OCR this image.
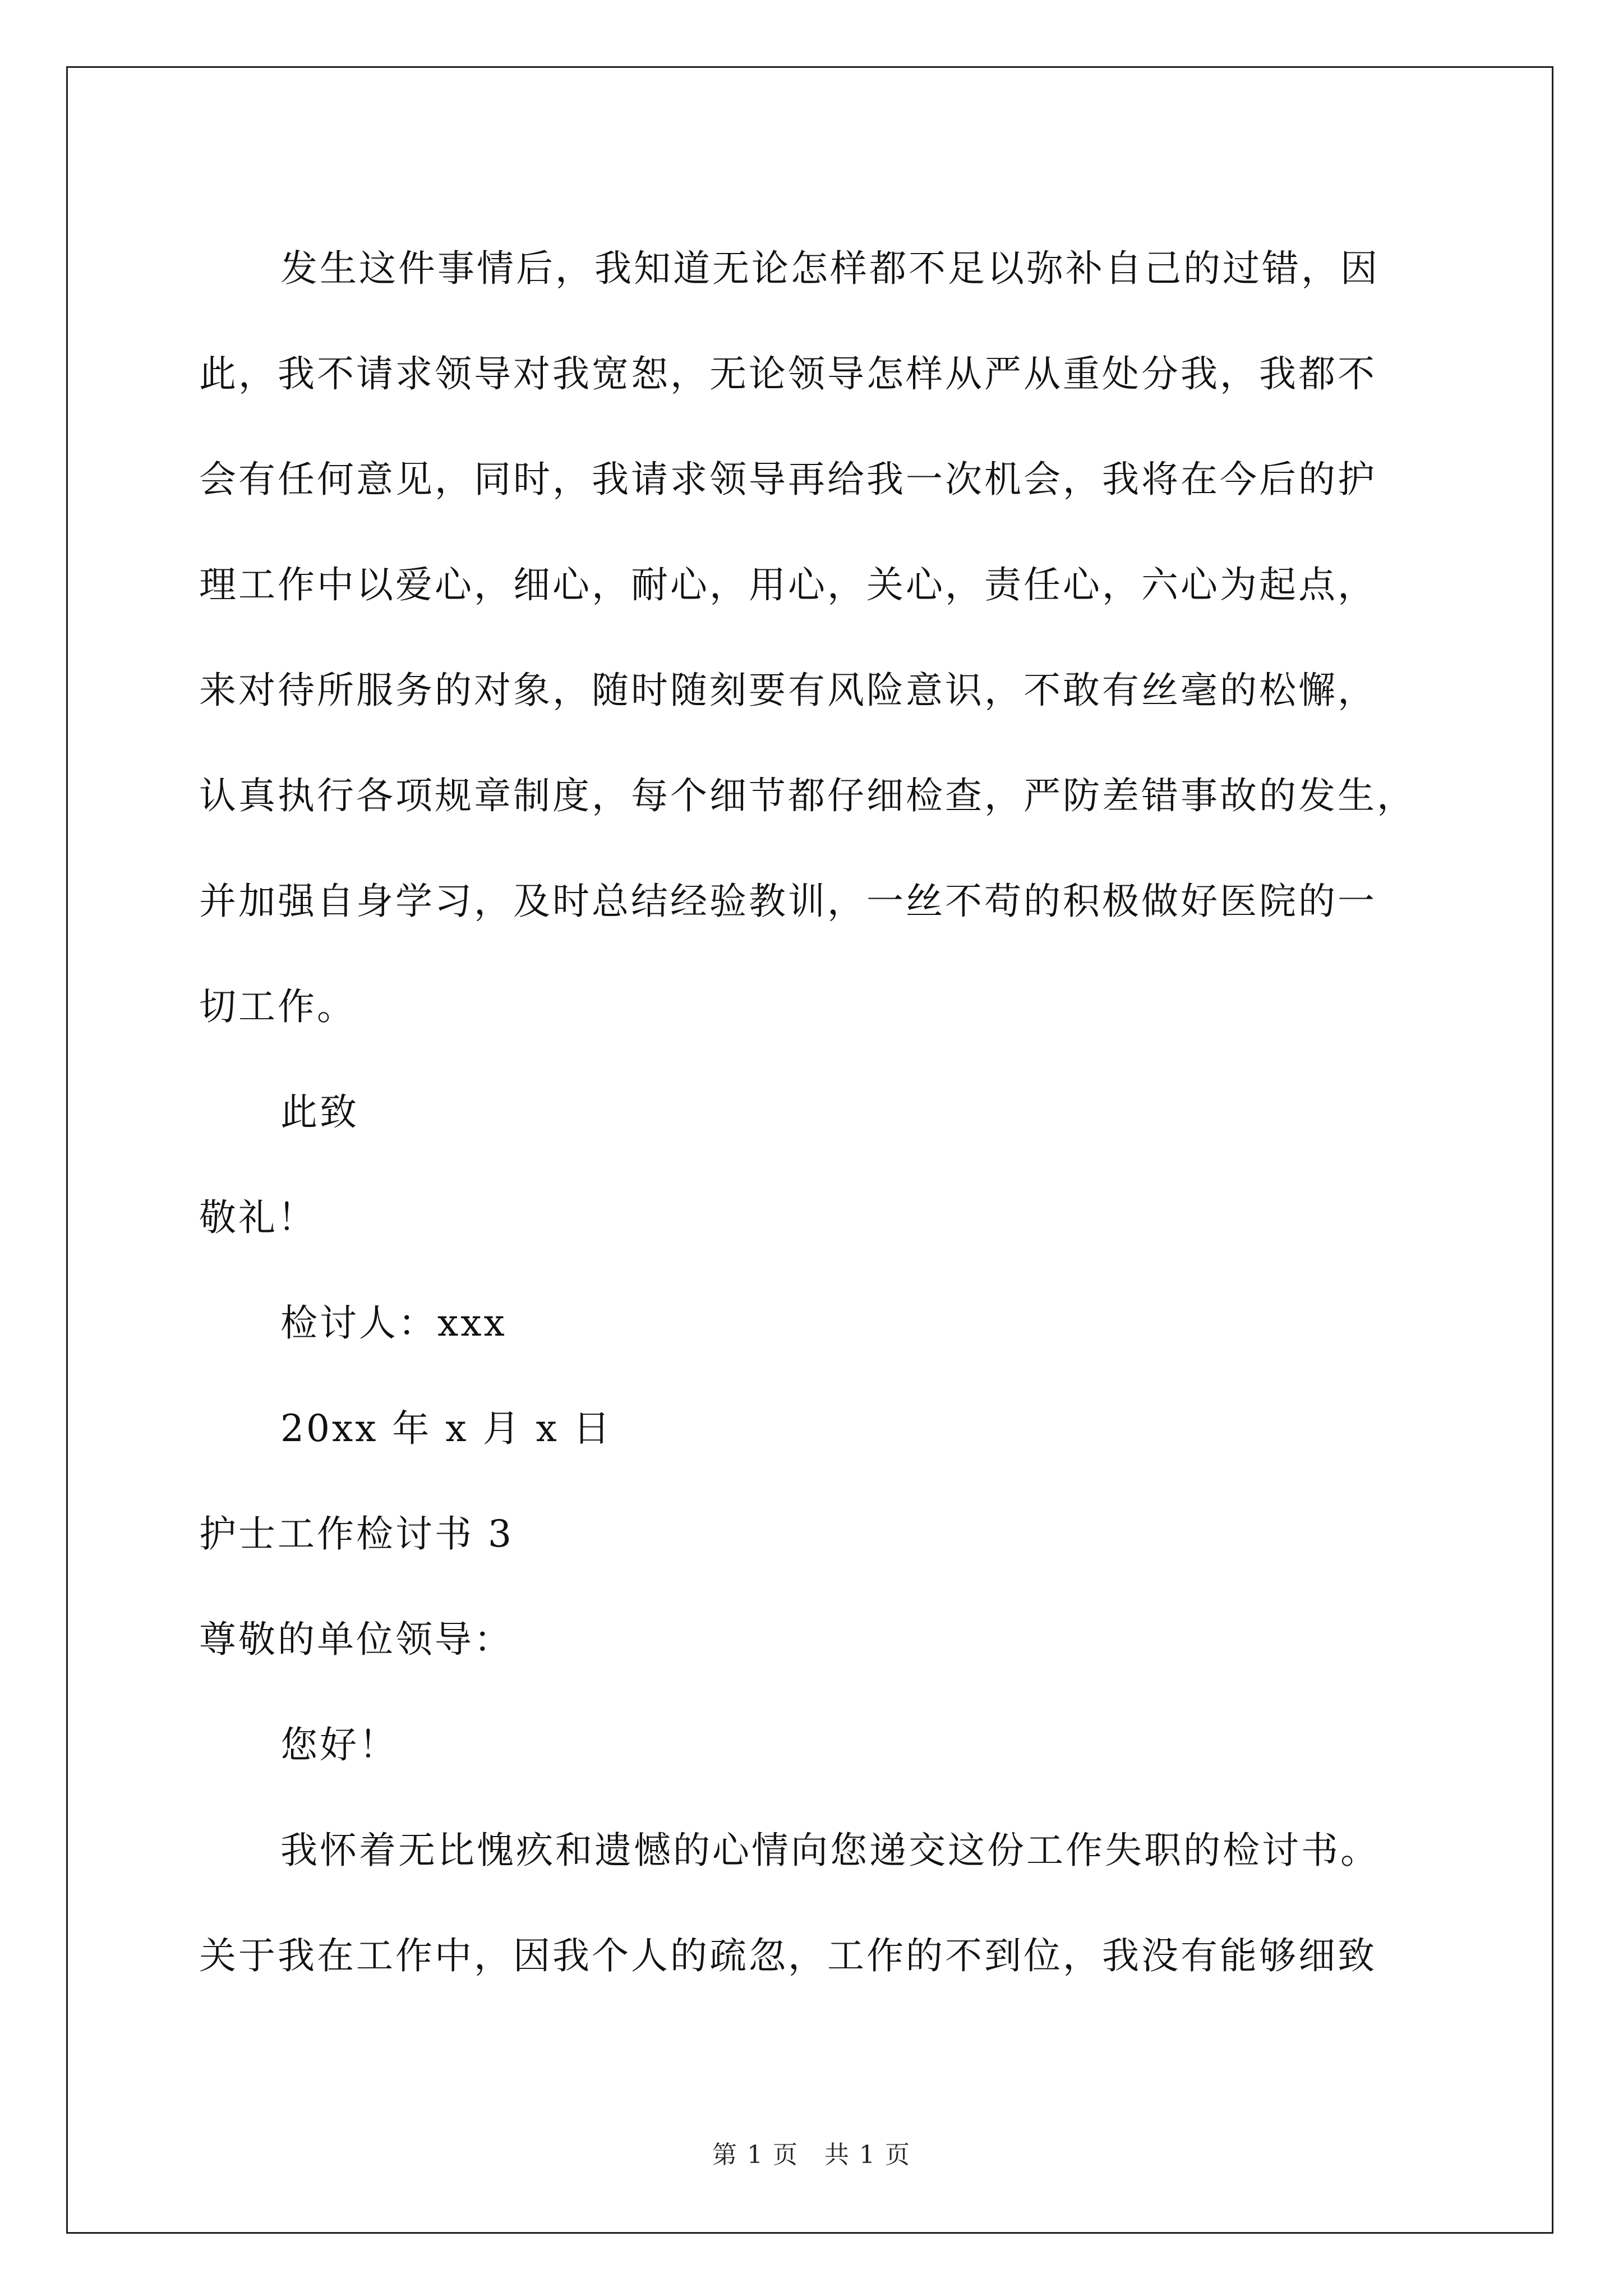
发生这件事情后，我知道无论怎样都不足以弥补自己的过错，因
此，我不请求领导对我宽恕，无论领导怎样从严从重处分我，我都不
会有任何意见，同时，我请求领导再给我一次机会，我将在今后的护
理工作中以爱心，细心，耐心，用心，关心，责任心，六心为起点，
来对待所服务的对象，随时随刻要有风险意识，不敢有丝毫的松懈，
认真执行各项规章制度，每个细节都仔细检查，严防差错事故的发生，
并加强自身学习，及时总结经验教训，一丝不苟的积极做好医院的一
切工作。
此致
敬礼！
检讨人：xxx
20xx 年 x 月 x 日
护士工作检讨书 3
尊敬的单位领导：
您好！
我怀着无比愧疚和遗憾的心情向您递交这份工作失职的检讨书。
关于我在工作中，因我个人的疏忽，工作的不到位，我没有能够细致
第 1 页　共 1 页
